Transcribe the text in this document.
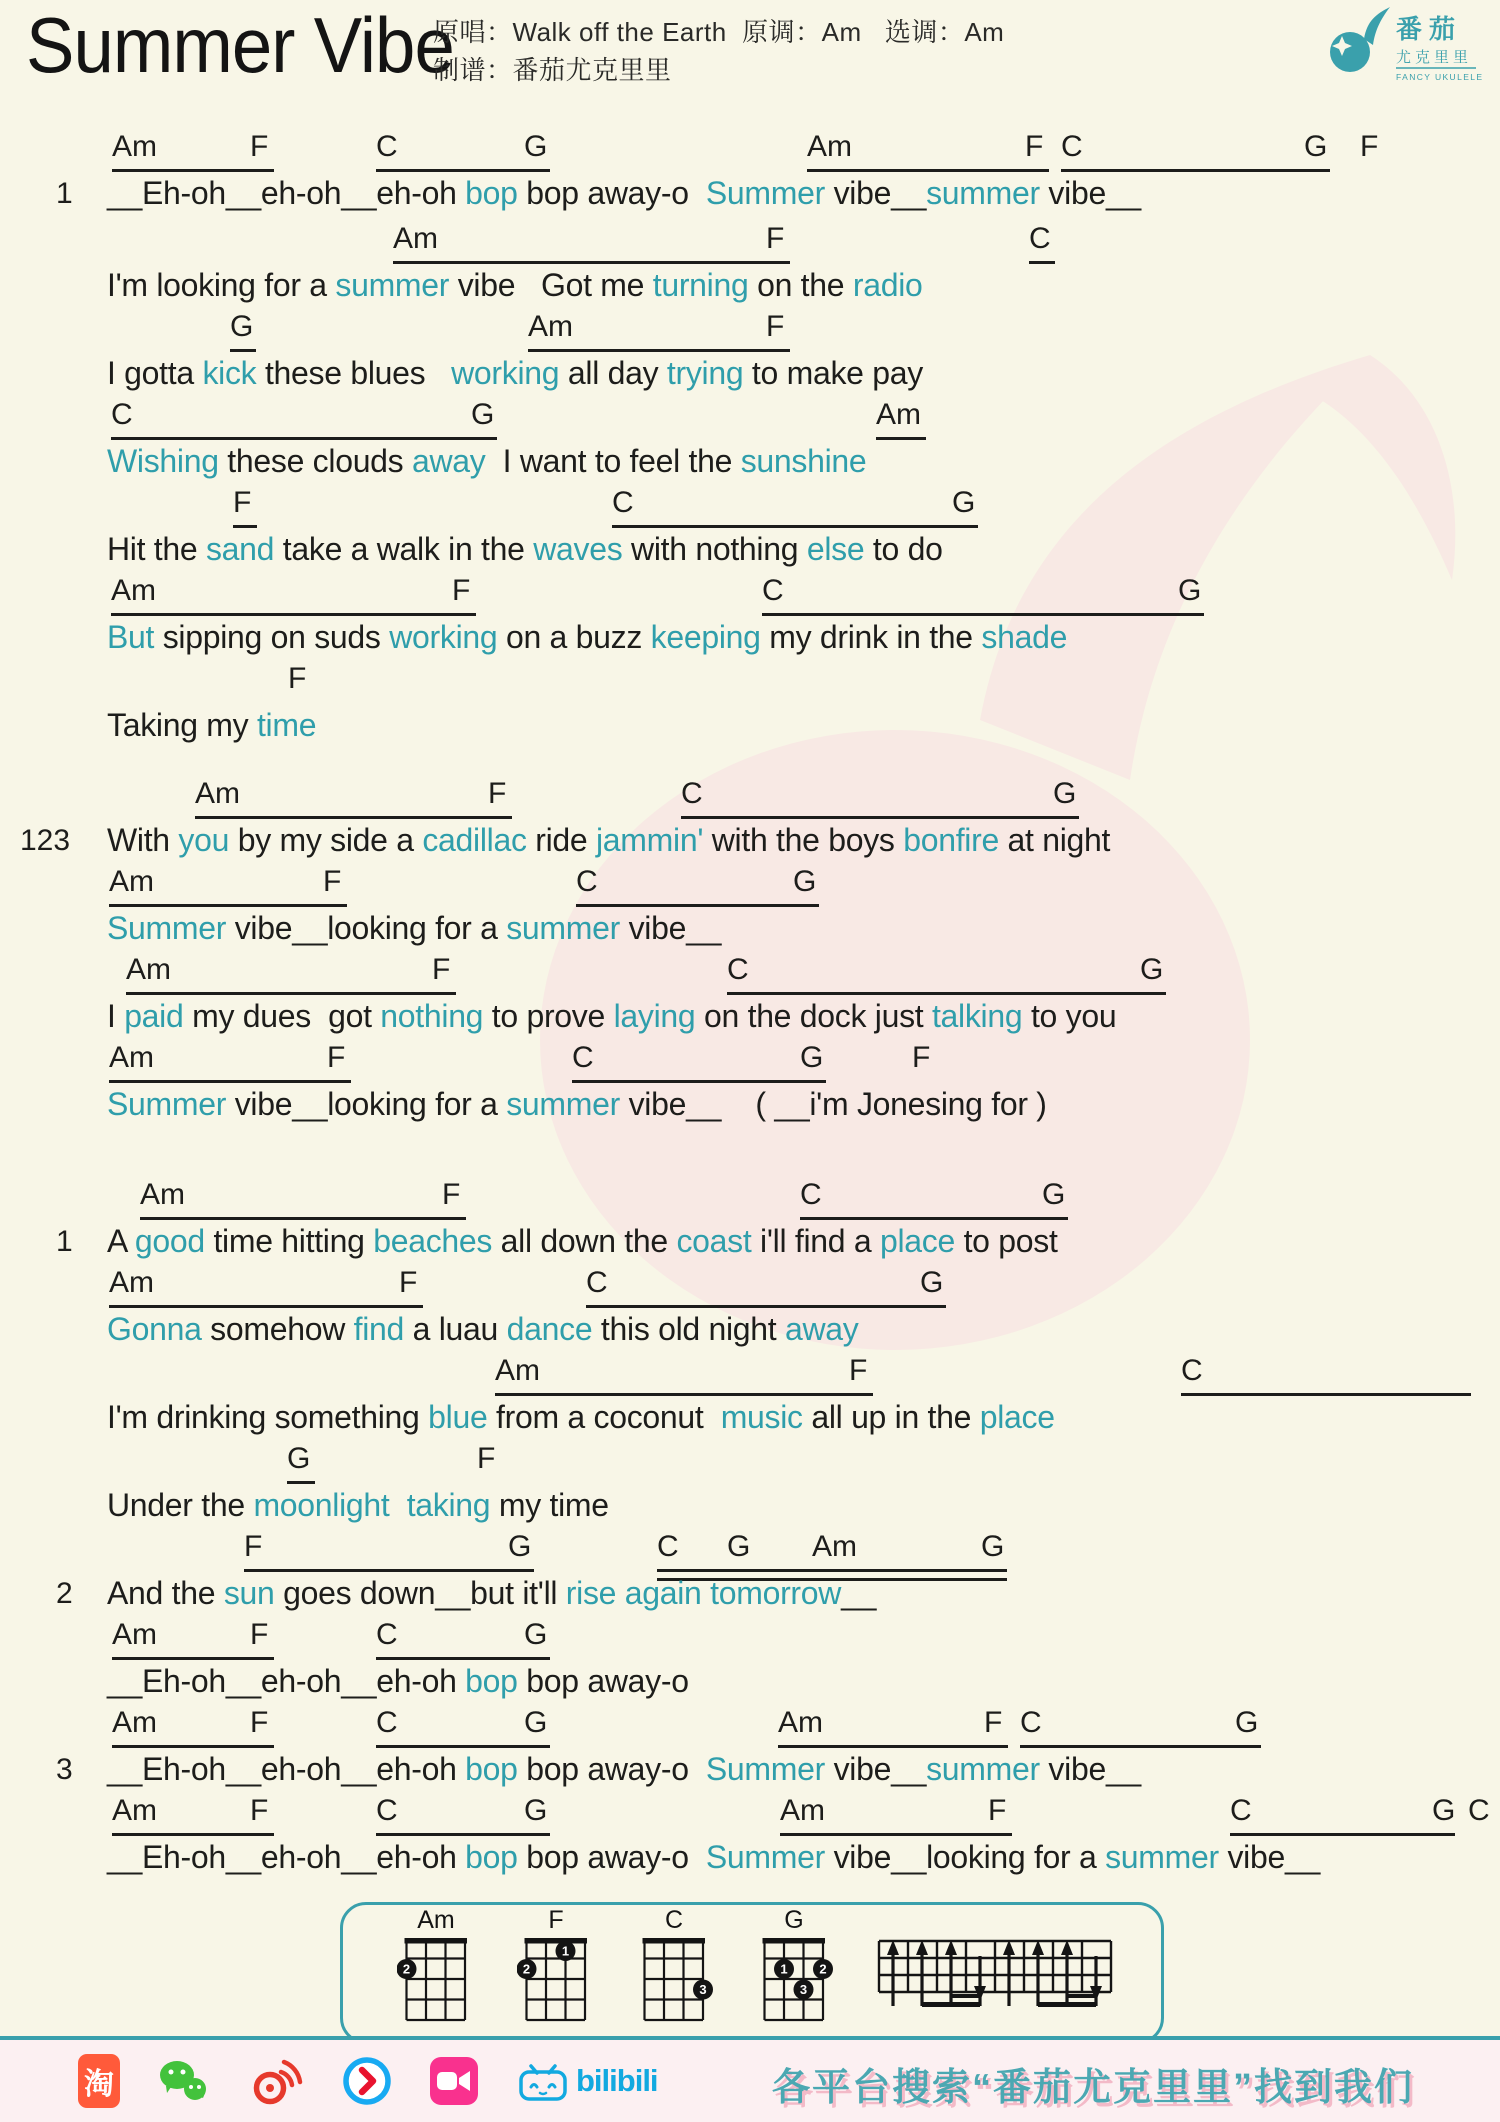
Summer Vibe
原唱：Walk off the Earth  原调：Am   选调：Am
制谱：番茄尤克里里
番茄
尤克里里
FANCY UKULELE
1
Am	F	C	G	Am	F C	G F
__Eh-oh__eh-oh__eh-oh bop bop away-o  Summer vibe__summer vibe__
Am	F	C
I'm looking for a summer vibe   Got me turning on the radio
G	Am	F
I gotta kick these blues   working all day trying to make pay
C	G	Am
Wishing these clouds away  I want to feel the sunshine
F	C	G
Hit the sand take a walk in the waves with nothing else to do
Am	F	C	G
But sipping on suds working on a buzz keeping my drink in the shade
F
Taking my time
123
Am	F	C	G
With you by my side a cadillac ride jammin' with the boys bonfire at night
Am	F	C	G
Summer vibe__looking for a summer vibe__
Am	F	C	G
I paid my dues  got nothing to prove laying on the dock just talking to you
Am	F	C	G	F
Summer vibe__looking for a summer vibe__    ( __i'm Jonesing for )
1
Am	F	C	G
A good time hitting beaches all down the coast i'll find a place to post
Am	F	C	G
Gonna somehow find a luau dance this old night away
Am	F	C
I'm drinking something blue from a coconut  music all up in the place
G	F
Under the moonlight taking my time
2
F	G	C G Am	G
And the sun goes down__but it'll rise again tomorrow__
Am	F	C	G
__Eh-oh__eh-oh__eh-oh bop bop away-o
3
Am	F	C	G	Am	F C	G
__Eh-oh__eh-oh__eh-oh bop bop away-o  Summer vibe__summer vibe__
Am	F	C	G	Am	F	C	G C
__Eh-oh__eh-oh__eh-oh bop bop away-o  Summer vibe__looking for a summer vibe__
Am
2
F
1
2
C
3
G
1 2
3
淘	bilibili	各平台搜索“番茄尤克里里”找到我们
